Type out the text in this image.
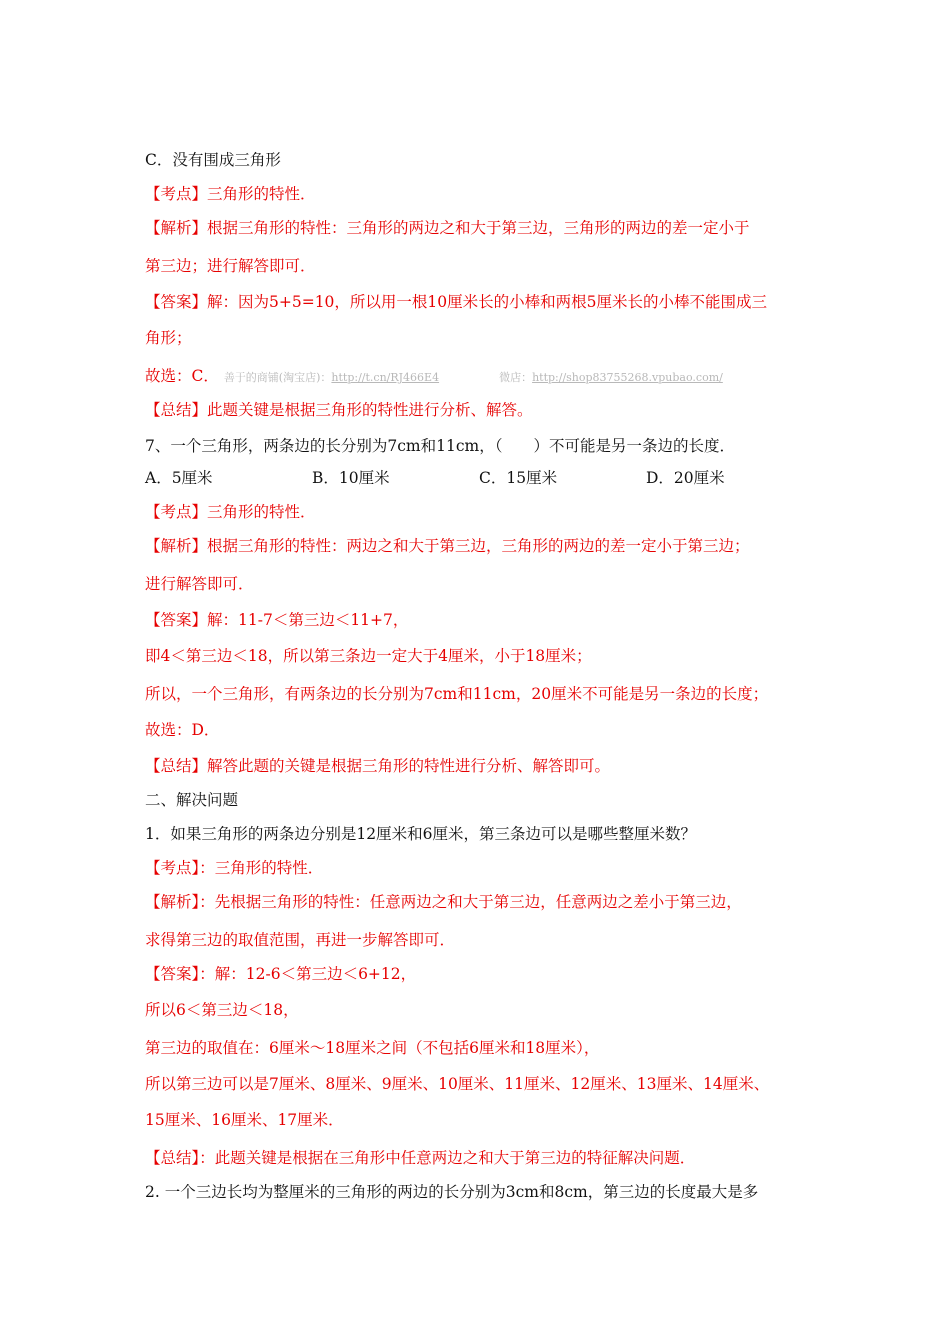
C．没有围成三角形
【考点】三角形的特性．
【解析】根据三角形的特性：三角形的两边之和大于第三边，三角形的两边的差一定小于
第三边；进行解答即可．
【答案】解：因为5+5=10，所以用一根10厘米长的小棒和两根5厘米长的小棒不能围成三
角形；
故选：C． 善于的商铺(淘宝店)：http://t.cn/RJ466E4	微店：http://shop83755268.vpubao.com/
【总结】此题关键是根据三角形的特性进行分析、解答。
7、一个三角形，两条边的长分别为7cm和11cm，（　　）不可能是另一条边的长度．
A．5厘米	B．10厘米	C．15厘米	D．20厘米
【考点】三角形的特性．
【解析】根据三角形的特性：两边之和大于第三边，三角形的两边的差一定小于第三边；
进行解答即可．
【答案】解：11-7＜第三边＜11+7，
即4＜第三边＜18，所以第三条边一定大于4厘米，小于18厘米；
所以，一个三角形，有两条边的长分别为7cm和11cm，20厘米不可能是另一条边的长度；
故选：D．
【总结】解答此题的关键是根据三角形的特性进行分析、解答即可。
二、解决问题
1．如果三角形的两条边分别是12厘米和6厘米，第三条边可以是哪些整厘米数？
【考点】：三角形的特性．
【解析】：先根据三角形的特性：任意两边之和大于第三边，任意两边之差小于第三边，
求得第三边的取值范围，再进一步解答即可．
【答案】：解：12-6＜第三边＜6+12，
所以6＜第三边＜18，
第三边的取值在：6厘米～18厘米之间（不包括6厘米和18厘米），
所以第三边可以是7厘米、8厘米、9厘米、10厘米、11厘米、12厘米、13厘米、14厘米、
15厘米、16厘米、17厘米．
【总结】：此题关键是根据在三角形中任意两边之和大于第三边的特征解决问题．
2. 一个三边长均为整厘米的三角形的两边的长分别为3cm和8cm，第三边的长度最大是多
